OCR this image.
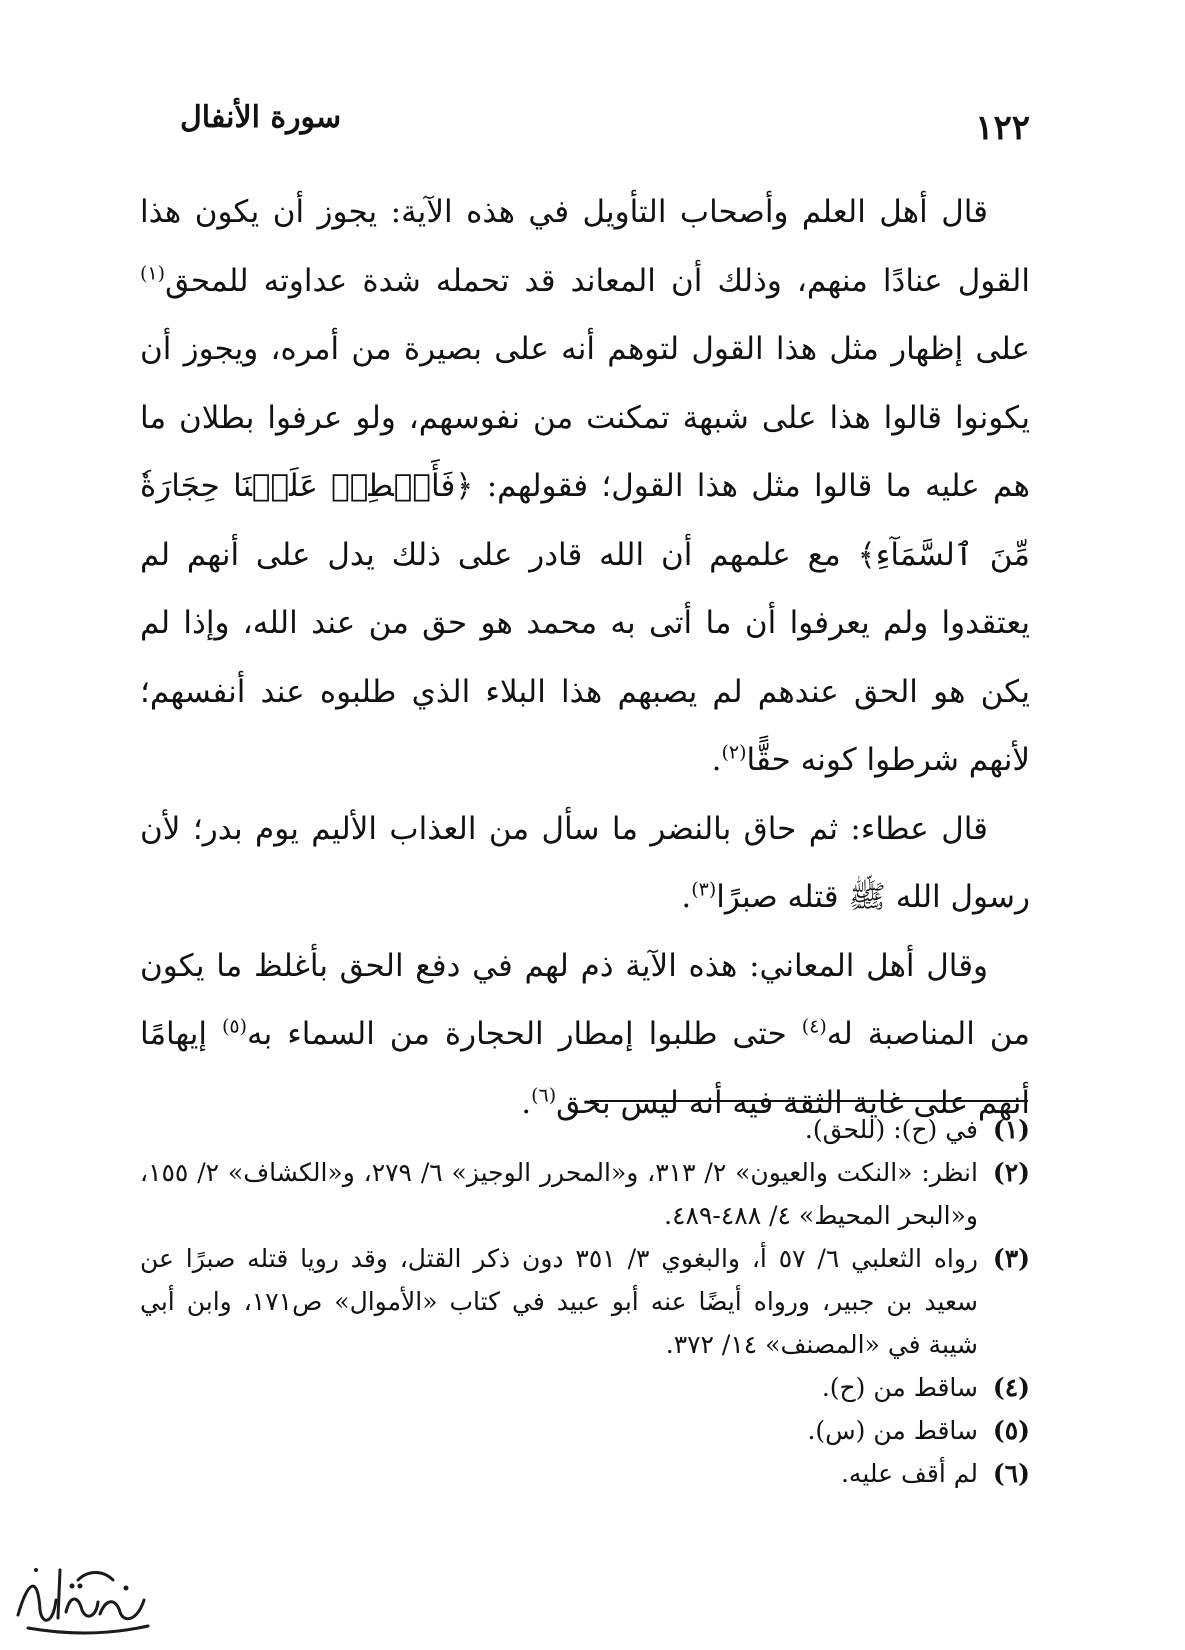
سورة الأنفال	١٢٢

قال أهل العلم وأصحاب التأويل في هذه الآية: يجوز أن يكون هذا القول عنادًا منهم، وذلك أن المعاند قد تحمله شدة عداوته للمحق$^{(١)}$ على إظهار مثل هذا القول لتوهم أنه على بصيرة من أمره، ويجوز أن يكونوا قالوا هذا على شبهة تمكنت من نفوسهم، ولو عرفوا بطلان ما هم عليه ما قالوا مثل هذا القول؛ فقولهم: ﴿فَأَمۡطِرۡ عَلَيۡنَا حِجَارَةٗ مِّنَ ٱلسَّمَآءِ﴾ مع علمهم أن الله قادر على ذلك يدل على أنهم لم يعتقدوا ولم يعرفوا أن ما أتى به محمد هو حق من عند الله، وإذا لم يكن هو الحق عندهم لم يصبهم هذا البلاء الذي طلبوه عند أنفسهم؛ لأنهم شرطوا كونه حقًّا$^{(٢)}$.

قال عطاء: ثم حاق بالنضر ما سأل من العذاب الأليم يوم بدر؛ لأن رسول الله ﷺ قتله صبرًا$^{(٣)}$.

وقال أهل المعاني: هذه الآية ذم لهم في دفع الحق بأغلظ ما يكون من المناصبة له$^{(٤)}$ حتى طلبوا إمطار الحجارة من السماء به$^{(٥)}$ إيهامًا أنهم على غاية الثقة فيه أنه ليس بحق$^{(٦)}$.

(١)
في (ح): (للحق).
(٢)
انظر: «النكت والعيون» ٢/ ٣١٣، و«المحرر الوجيز» ٦/ ٢٧٩، و«الكشاف» ٢/ ١٥٥، و«البحر المحيط» ٤/ ٤٨٨-٤٨٩.
(٣)
رواه الثعلبي ٦/ ٥٧ أ، والبغوي ٣/ ٣٥١ دون ذكر القتل، وقد رويا قتله صبرًا عن سعيد بن جبير، ورواه أيضًا عنه أبو عبيد في كتاب «الأموال» ص١٧١، وابن أبي شيبة في «المصنف» ١٤/ ٣٧٢.
(٤)
ساقط من (ح).
(٥)
ساقط من (س).
(٦)
لم أقف عليه.
